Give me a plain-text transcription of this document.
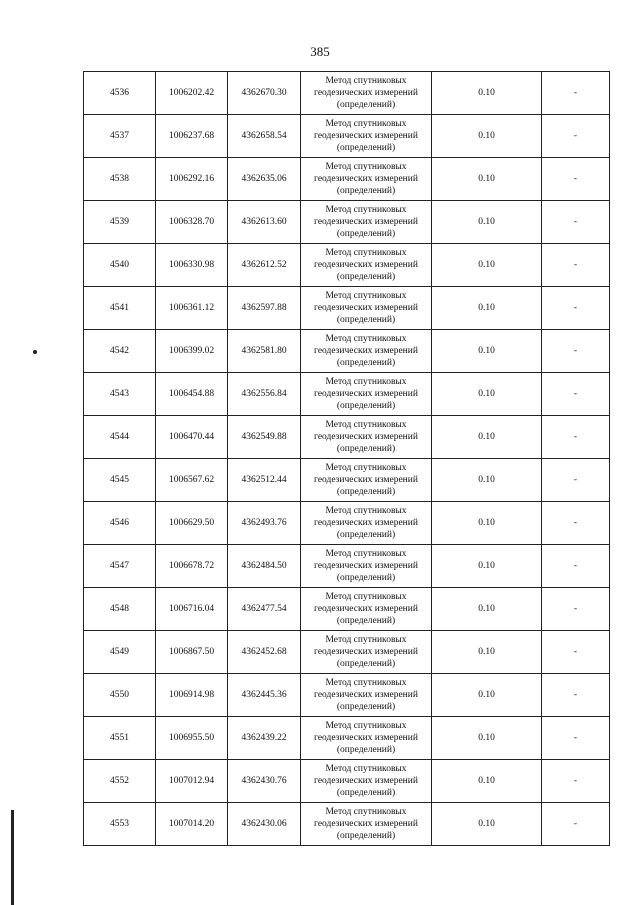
385
4536	1006202.42	4362670.30	Метод спутниковых
геодезических измерений
(определений)	0.10	-
4537	1006237.68	4362658.54	Метод спутниковых
геодезических измерений
(определений)	0.10	-
4538	1006292.16	4362635.06	Метод спутниковых
геодезических измерений
(определений)	0.10	-
4539	1006328.70	4362613.60	Метод спутниковых
геодезических измерений
(определений)	0.10	-
4540	1006330.98	4362612.52	Метод спутниковых
геодезических измерений
(определений)	0.10	-
4541	1006361.12	4362597.88	Метод спутниковых
геодезических измерений
(определений)	0.10	-
4542	1006399.02	4362581.80	Метод спутниковых
геодезических измерений
(определений)	0.10	-
4543	1006454.88	4362556.84	Метод спутниковых
геодезических измерений
(определений)	0.10	-
4544	1006470.44	4362549.88	Метод спутниковых
геодезических измерений
(определений)	0.10	-
4545	1006567.62	4362512.44	Метод спутниковых
геодезических измерений
(определений)	0.10	-
4546	1006629.50	4362493.76	Метод спутниковых
геодезических измерений
(определений)	0.10	-
4547	1006678.72	4362484.50	Метод спутниковых
геодезических измерений
(определений)	0.10	-
4548	1006716.04	4362477.54	Метод спутниковых
геодезических измерений
(определений)	0.10	-
4549	1006867.50	4362452.68	Метод спутниковых
геодезических измерений
(определений)	0.10	-
4550	1006914.98	4362445.36	Метод спутниковых
геодезических измерений
(определений)	0.10	-
4551	1006955.50	4362439.22	Метод спутниковых
геодезических измерений
(определений)	0.10	-
4552	1007012.94	4362430.76	Метод спутниковых
геодезических измерений
(определений)	0.10	-
4553	1007014.20	4362430.06	Метод спутниковых
геодезических измерений
(определений)	0.10	-
